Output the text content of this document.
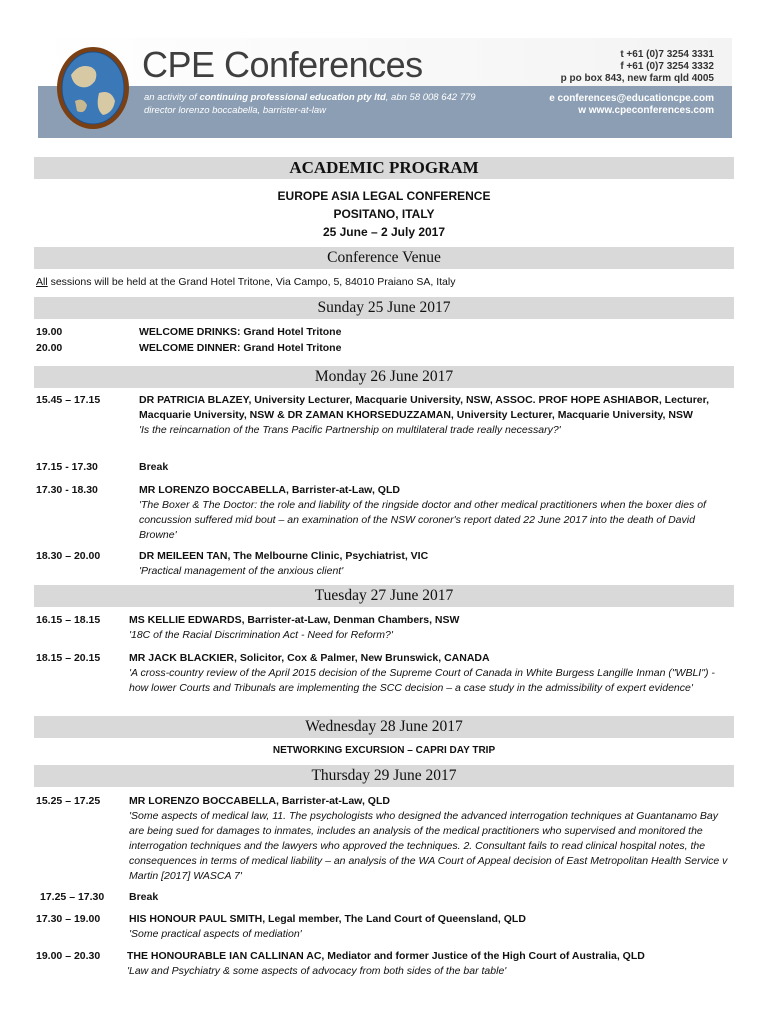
CPE Conferences
an activity of continuing professional education pty ltd, abn 58 008 642 779
director lorenzo boccabella, barrister-at-law
t +61 (0)7 3254 3331
f +61 (0)7 3254 3332
p po box 843, new farm qld 4005
e conferences@educationcpe.com
w www.cpeconferences.com
ACADEMIC PROGRAM
EUROPE ASIA LEGAL CONFERENCE
POSITANO, ITALY
25 June – 2 July 2017
Conference Venue
All sessions will be held at the Grand Hotel Tritone, Via Campo, 5, 84010 Praiano SA, Italy
Sunday 25 June 2017
19.00	WELCOME DRINKS: Grand Hotel Tritone
20.00	WELCOME DINNER: Grand Hotel Tritone
Monday 26 June 2017
15.45 – 17.15	DR PATRICIA BLAZEY, University Lecturer, Macquarie University, NSW, ASSOC. PROF HOPE ASHIABOR, Lecturer, Macquarie University, NSW & DR ZAMAN KHORSEDUZZAMAN, University Lecturer, Macquarie University, NSW
'Is the reincarnation of the Trans Pacific Partnership on multilateral trade really necessary?'
17.15 - 17.30	Break
17.30 - 18.30	MR LORENZO BOCCABELLA, Barrister-at-Law, QLD
'The Boxer & The Doctor: the role and liability of the ringside doctor and other medical practitioners when the boxer dies of concussion suffered mid bout – an examination of the NSW coroner's report dated 22 June 2017 into the death of David Browne'
18.30 – 20.00	DR MEILEEN TAN, The Melbourne Clinic, Psychiatrist, VIC
'Practical management of the anxious client'
Tuesday 27 June 2017
16.15 – 18.15	MS KELLIE EDWARDS, Barrister-at-Law, Denman Chambers, NSW
'18C of the Racial Discrimination Act - Need for Reform?'
18.15 – 20.15	MR JACK BLACKIER, Solicitor, Cox & Palmer, New Brunswick, CANADA
'A cross-country review of the April 2015 decision of the Supreme Court of Canada in White Burgess Langille Inman ("WBLI") - how lower Courts and Tribunals are implementing the SCC decision – a case study in the admissibility of expert evidence'
Wednesday 28 June 2017
NETWORKING EXCURSION – CAPRI DAY TRIP
Thursday 29 June 2017
15.25 – 17.25	MR LORENZO BOCCABELLA, Barrister-at-Law, QLD
'Some aspects of medical law, 11. The psychologists who designed the advanced interrogation techniques at Guantanamo Bay are being sued for damages to inmates, includes an analysis of the medical practitioners who supervised and monitored the interrogation techniques and the lawyers who approved the techniques. 2. Consultant fails to read clinical hospital notes, the consequences in terms of medical liability – an analysis of the WA Court of Appeal decision of East Metropolitan Health Service v Martin [2017] WASCA 7'
17.25 – 17.30 Break
17.30 – 19.00	HIS HONOUR PAUL SMITH, Legal member, The Land Court of Queensland, QLD
'Some practical aspects of mediation'
19.00 – 20.30	THE HONOURABLE IAN CALLINAN AC, Mediator and former Justice of the High Court of Australia, QLD
'Law and Psychiatry & some aspects of advocacy from both sides of the bar table'
